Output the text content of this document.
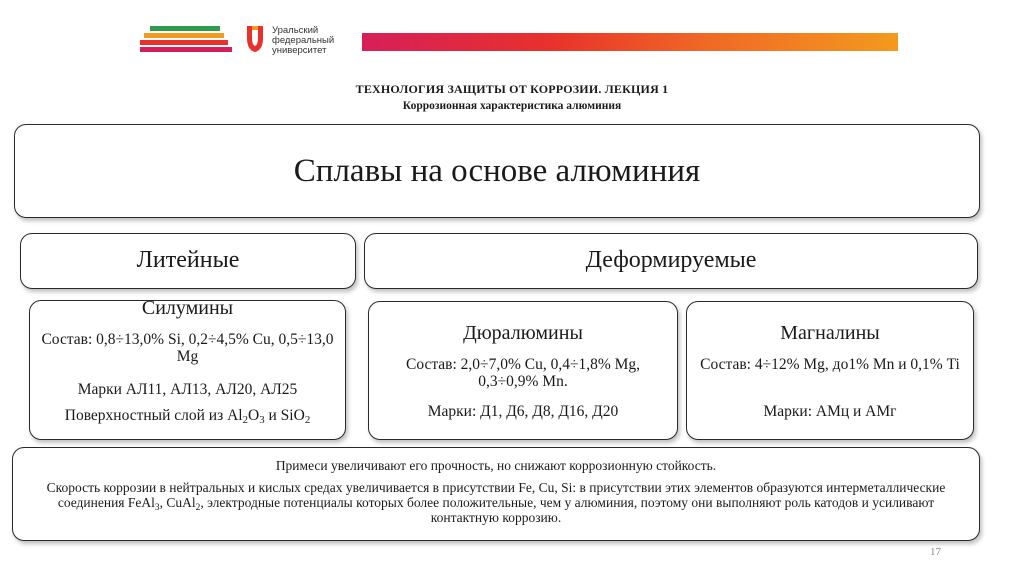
Уральский
федеральный
университет
ТЕХНОЛОГИЯ ЗАЩИТЫ ОТ КОРРОЗИИ. ЛЕКЦИЯ 1
Коррозионная характеристика алюминия
Сплавы на основе алюминия
Литейные	Деформируемые
Силумины
Состав: 0,8÷13,0% Si, 0,2÷4,5% Cu, 0,5÷13,0 Mg
Марки АЛ11, АЛ13, АЛ20, АЛ25
Поверхностный слой из $Al_2O_3$ и SiO$_2$
Дюралюмины
Состав: 2,0÷7,0% Cu, 0,4÷1,8% Mg, 0,3÷0,9% Mn.
Марки: Д1, Д6, Д8, Д16, Д20
Магналины
Состав: 4÷12% Mg, до1% Mn и 0,1% Ti
Марки: АМц и АМг
Примеси увеличивают его прочность, но снижают коррозионную стойкость.
Скорость коррозии в нейтральных и кислых средах увеличивается в присутствии Fe, Cu, Si: в присутствии этих элементов образуются интерметаллические соединения FeAl$_3$, CuAl$_2$, электродные потенциалы которых более положительные, чем у алюминия, поэтому они выполняют роль катодов и усиливают контактную коррозию.
17
